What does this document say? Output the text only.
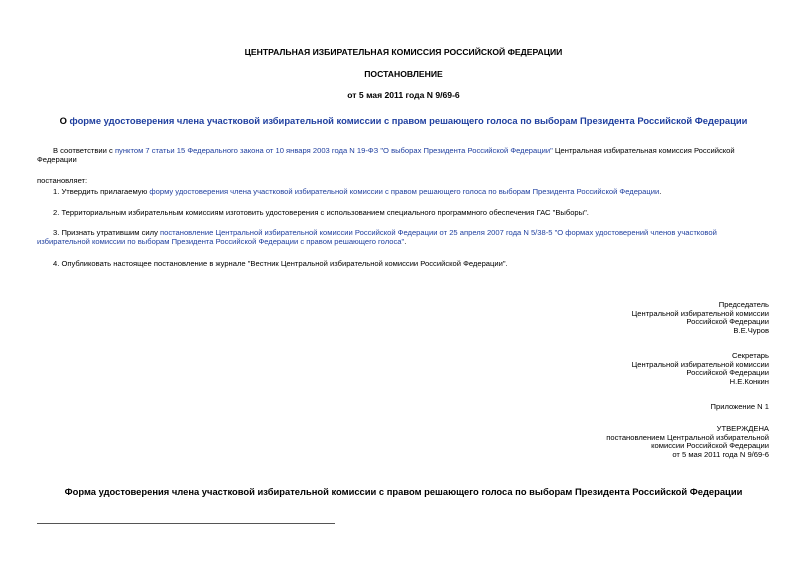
ЦЕНТРАЛЬНАЯ ИЗБИРАТЕЛЬНАЯ КОМИССИЯ РОССИЙСКОЙ ФЕДЕРАЦИИ
ПОСТАНОВЛЕНИЕ
от 5 мая 2011 года N 9/69-6
О форме удостоверения члена участковой избирательной комиссии с правом решающего голоса по выборам Президента Российской Федерации

В соответствии с пунктом 7 статьи 15 Федерального закона от 10 января 2003 года N 19-ФЗ "О выборах Президента Российской Федерации" Центральная избирательная комиссия Российской Федерации

постановляет:

1. Утвердить прилагаемую форму удостоверения члена участковой избирательной комиссии с правом решающего голоса по выборам Президента Российской Федерации.

2. Территориальным избирательным комиссиям изготовить удостоверения с использованием специального программного обеспечения ГАС "Выборы".

3. Признать утратившим силу постановление Центральной избирательной комиссии Российской Федерации от 25 апреля 2007 года N 5/38-5 "О формах удостоверений членов участковой избирательной комиссии по выборам Президента Российской Федерации с правом решающего голоса".

4. Опубликовать настоящее постановление в журнале "Вестник Центральной избирательной комиссии Российской Федерации".

Председатель
Центральной избирательной комиссии
Российской Федерации
В.Е.Чуров
Секретарь
Центральной избирательной комиссии
Российской Федерации
Н.Е.Конкин
Приложение N 1
УТВЕРЖДЕНА
постановлением Центральной избирательной
комиссии Российской Федерации
от 5 мая 2011 года N 9/69-6
Форма удостоверения члена участковой избирательной комиссии с правом решающего голоса по выборам Президента Российской Федерации
